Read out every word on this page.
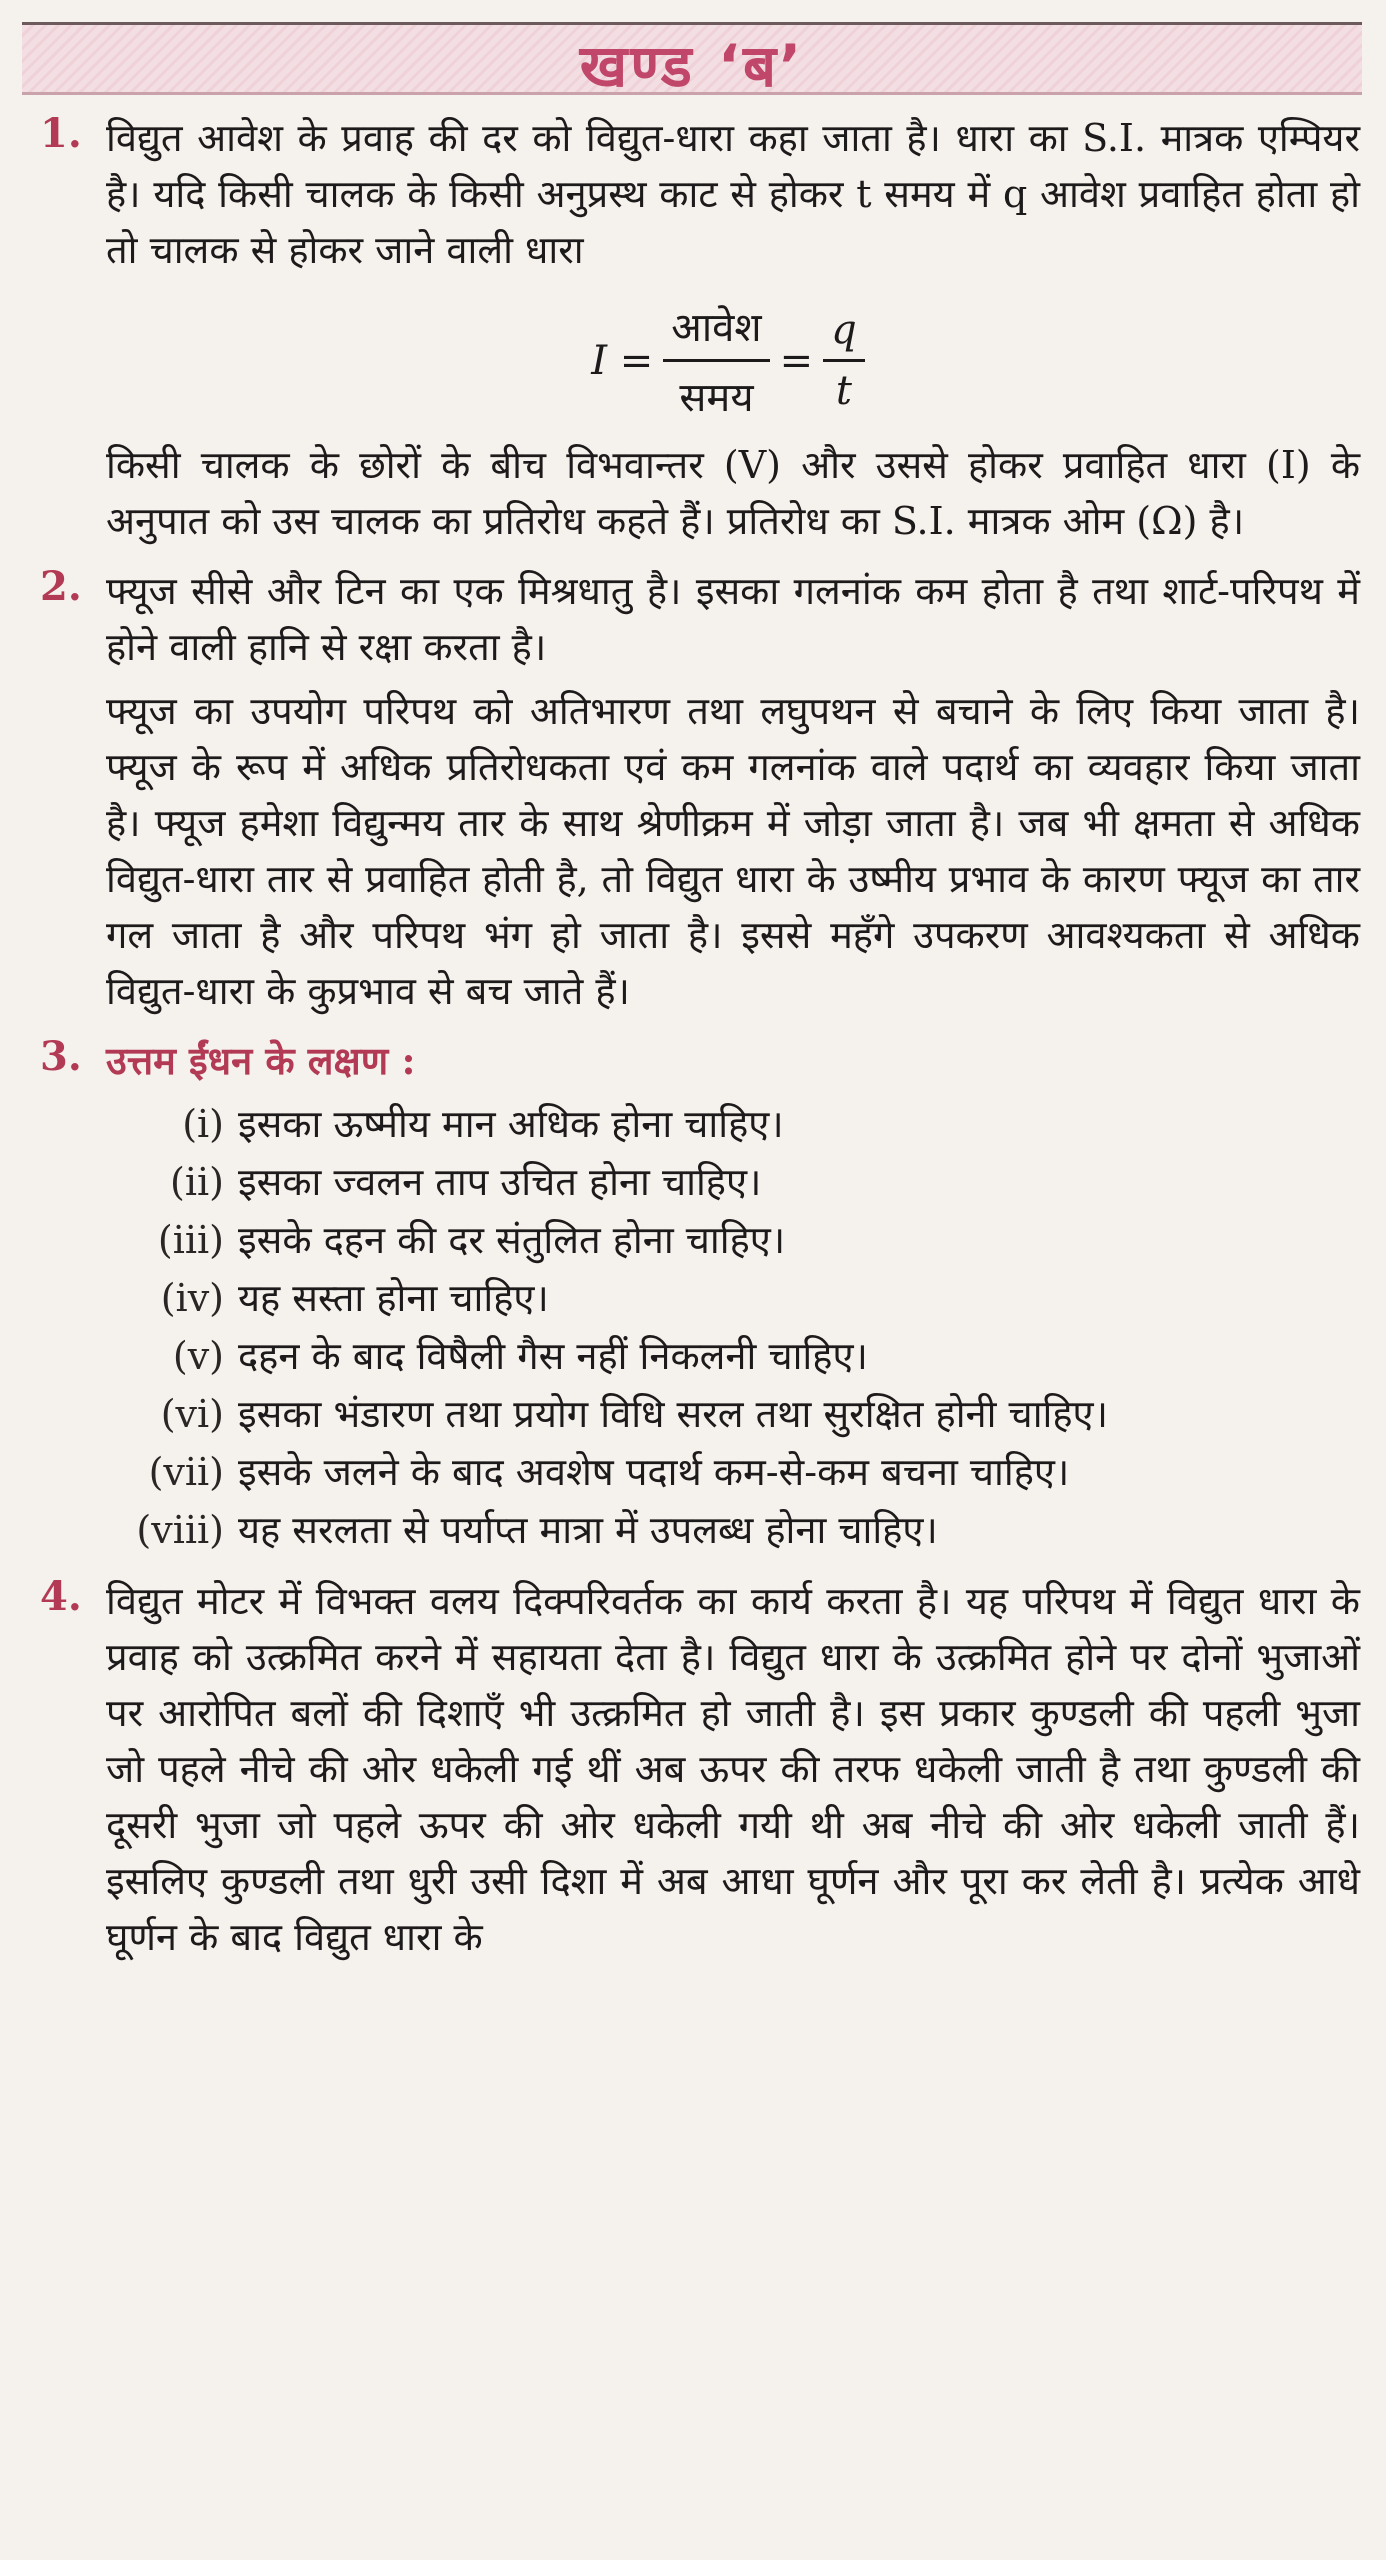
खण्ड ‘ब’
1. विद्युत आवेश के प्रवाह की दर को विद्युत-धारा कहा जाता है। धारा का S.I. मात्रक एम्पियर है। यदि किसी चालक के किसी अनुप्रस्थ काट से होकर t समय में q आवेश प्रवाहित होता हो तो चालक से होकर जाने वाली धारा

$I = \frac{\text{आवेश}}{\text{समय}} = \frac{q}{t}$

किसी चालक के छोरों के बीच विभवान्तर (V) और उससे होकर प्रवाहित धारा (I) के अनुपात को उस चालक का प्रतिरोध कहते हैं। प्रतिरोध का S.I. मात्रक ओम (Ω) है।

2. फ्यूज सीसे और टिन का एक मिश्रधातु है। इसका गलनांक कम होता है तथा शार्ट-परिपथ में होने वाली हानि से रक्षा करता है।

फ्यूज का उपयोग परिपथ को अतिभारण तथा लघुपथन से बचाने के लिए किया जाता है। फ्यूज के रूप में अधिक प्रतिरोधकता एवं कम गलनांक वाले पदार्थ का व्यवहार किया जाता है। फ्यूज हमेशा विद्युन्मय तार के साथ श्रेणीक्रम में जोड़ा जाता है। जब भी क्षमता से अधिक विद्युत-धारा तार से प्रवाहित होती है, तो विद्युत धारा के उष्मीय प्रभाव के कारण फ्यूज का तार गल जाता है और परिपथ भंग हो जाता है। इससे महँगे उपकरण आवश्यकता से अधिक विद्युत-धारा के कुप्रभाव से बच जाते हैं।

3. उत्तम ईंधन के लक्षण :
(i) इसका ऊष्मीय मान अधिक होना चाहिए।
(ii) इसका ज्वलन ताप उचित होना चाहिए।
(iii) इसके दहन की दर संतुलित होना चाहिए।
(iv) यह सस्ता होना चाहिए।
(v) दहन के बाद विषैली गैस नहीं निकलनी चाहिए।
(vi) इसका भंडारण तथा प्रयोग विधि सरल तथा सुरक्षित होनी चाहिए।
(vii) इसके जलने के बाद अवशेष पदार्थ कम-से-कम बचना चाहिए।
(viii) यह सरलता से पर्याप्त मात्रा में उपलब्ध होना चाहिए।
4. विद्युत मोटर में विभक्त वलय दिक्परिवर्तक का कार्य करता है। यह परिपथ में विद्युत धारा के प्रवाह को उत्क्रमित करने में सहायता देता है। विद्युत धारा के उत्क्रमित होने पर दोनों भुजाओं पर आरोपित बलों की दिशाएँ भी उत्क्रमित हो जाती है। इस प्रकार कुण्डली की पहली भुजा जो पहले नीचे की ओर धकेली गई थीं अब ऊपर की तरफ धकेली जाती है तथा कुण्डली की दूसरी भुजा जो पहले ऊपर की ओर धकेली गयी थी अब नीचे की ओर धकेली जाती हैं। इसलिए कुण्डली तथा धुरी उसी दिशा में अब आधा घूर्णन और पूरा कर लेती है। प्रत्येक आधे घूर्णन के बाद विद्युत धारा के
